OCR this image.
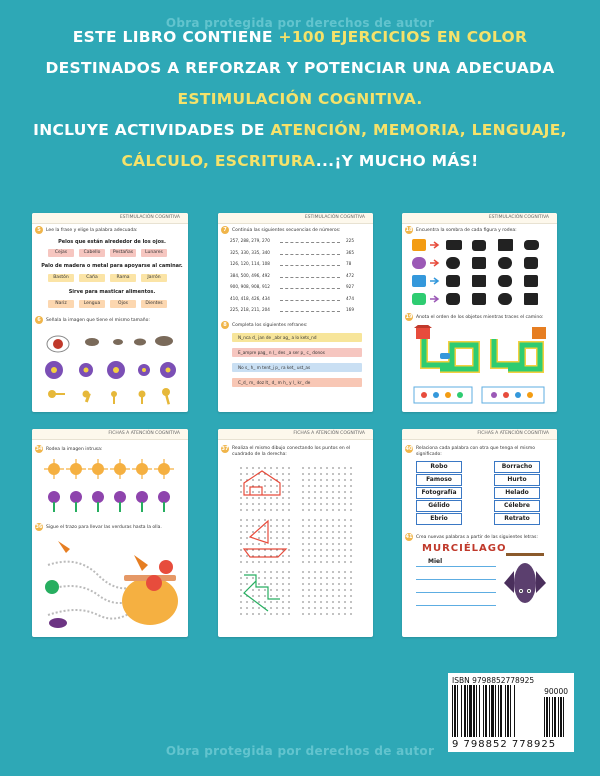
Obra protegida por derechos de autor
ESTE LIBRO CONTIENE +100 EJERCICIOS EN COLOR
DESTINADOS A REFORZAR Y POTENCIAR UNA ADECUADA
ESTIMULACIÓN COGNITIVA.
INCLUYE ACTIVIDADES DE ATENCIÓN, MEMORIA, LENGUAJE,
CÁLCULO, ESCRITURA...¡Y MUCHO MÁS!
ESTIMULACIÓN COGNITIVA
5	Lee la frase y elige la palabra adecuada:
Pelos que están alrededor de los ojos.
Cejas	Cabello	Pestañas	Lunares
Palo de madera o metal para apoyarse al caminar.
Bastón	Caña	Rama	Jarrón
Sirve para masticar alimentos.
Nariz	Lengua	Ojos	Dientes
6	Señala la imagen que tiene el mismo tamaño:
ESTIMULACIÓN COGNITIVA
7	Continúa las siguientes secuencias de números:
257, 288, 279, 270	225
325, 330, 335, 340	365
126, 120, 114, 108	78
384, 500, 496, 492	472
900, 908, 908, 912	927
410, 418, 426, 434	474
225, 218, 211, 204	169
8	Completa los siguientes refranes:
N_nca d_ jan de _abr ag_ a lo kets_nd
E_ampre pag_ n (_ des _a ser p_ c_ donos
No s_ h_ m tent_j p_ ra ket_ ust_as
C_d_ m_ doz lt_ d_ m h_ y l_ kr_ de
ESTIMULACIÓN COGNITIVA
18 Encuentra la sombra de cada figura y rodea:
19 Anota el orden de los objetos mientras traces el camino:
FICHAS A ATENCIÓN COGNITIVA
34 Rodea la imagen intrusa:
36 Sigue el trazo para llevar las verduras hasta la olla.
FICHAS A ATENCIÓN COGNITIVA
37 Realiza el mismo dibujo conectando los puntos en el cuadrado de la derecha:
FICHAS A ATENCIÓN COGNITIVA
40 Relaciona cada palabra con otra que tenga el mismo significado:
Robo
Famoso
Fotografía
Gélido
Ebrio
Borracho
Hurto
Helado
Célebre
Retrato
41 Crea nuevas palabras a partir de las siguientes letras:
MURCIÉLAGO
Miel
ISBN 9798852778925
90000
9 798852 778925
Obra protegida por derechos de autor
